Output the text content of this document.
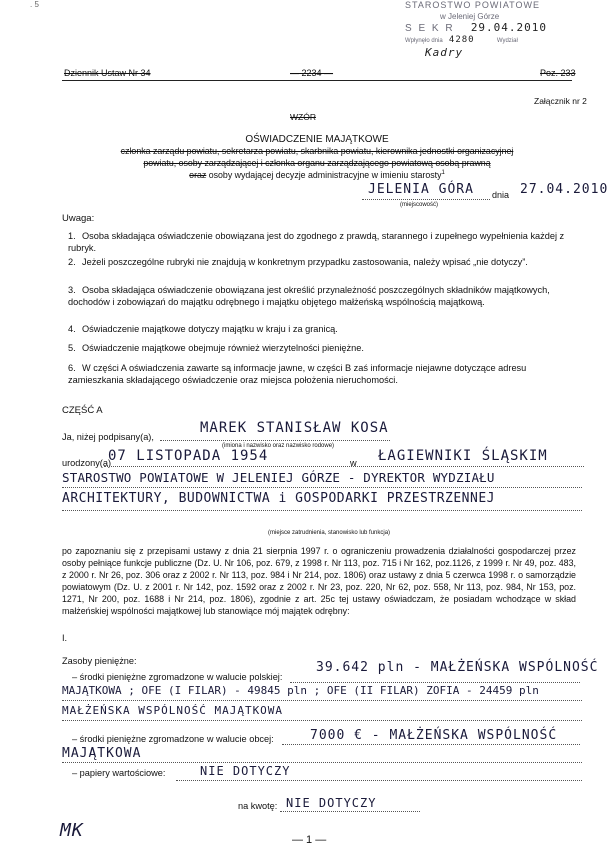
STAROSTWO POWIATOWE
w Jeleniej Górze
S E K R 29.04.2010
Wpłynęło dnia 4280	Wydział
Kadry
. 5
Dziennik Ustaw Nr 34	— 2234 —	Poz. 233
Załącznik nr 2
WZÓR
OŚWIADCZENIE MAJĄTKOWE
członka zarządu powiatu, sekretarza powiatu, skarbnika powiatu, kierownika jednostki organizacyjnej
powiatu, osoby zarządzającej i członka organu zarządzającego powiatową osobą prawną
oraz osoby wydającej decyzje administracyjne w imieniu starosty$^1$
JELENIA GÓRA dnia 27.04.2010
(miejscowość)
Uwaga:
1. Osoba składająca oświadczenie obowiązana jest do zgodnego z prawdą, starannego i zupełnego wypełnienia każdej z rubryk.
2. Jeżeli poszczególne rubryki nie znajdują w konkretnym przypadku zastosowania, należy wpisać „nie dotyczy”.
3. Osoba składająca oświadczenie obowiązana jest określić przynależność poszczególnych składników majątkowych, dochodów i zobowiązań do majątku odrębnego i majątku objętego małżeńską wspólnością majątkową.
4. Oświadczenie majątkowe dotyczy majątku w kraju i za granicą.
5. Oświadczenie majątkowe obejmuje również wierzytelności pieniężne.
6. W części A oświadczenia zawarte są informacje jawne, w części B zaś informacje niejawne dotyczące adresu zamieszkania składającego oświadczenie oraz miejsca położenia nieruchomości.
CZĘŚĆ A
Ja, niżej podpisany(a),
MAREK STANISŁAW KOSA
(imiona i nazwisko oraz nazwisko rodowe)
urodzony(a)
07 LISTOPADA 1954	w ŁAGIEWNIKI ŚLĄSKIM
STAROSTWO POWIATOWE W JELENIEJ GÓRZE - DYREKTOR WYDZIAŁU
ARCHITEKTURY, BUDOWNICTWA i GOSPODARKI PRZESTRZENNEJ
(miejsce zatrudnienia, stanowisko lub funkcja)
po zapoznaniu się z przepisami ustawy z dnia 21 sierpnia 1997 r. o ograniczeniu prowadzenia działalności gospodarczej przez osoby pełniące funkcje publiczne (Dz. U. Nr 106, poz. 679, z 1998 r. Nr 113, poz. 715 i Nr 162, poz.1126, z 1999 r. Nr 49, poz. 483, z 2000 r. Nr 26, poz. 306 oraz z 2002 r. Nr 113, poz. 984 i Nr 214, poz. 1806) oraz ustawy z dnia 5 czerwca 1998 r. o samorządzie powiatowym (Dz. U. z 2001 r. Nr 142, poz. 1592 oraz z 2002 r. Nr 23, poz. 220, Nr 62, poz. 558, Nr 113, poz. 984, Nr 153, poz. 1271, Nr 200, poz. 1688 i Nr 214, poz. 1806), zgodnie z art. 25c tej ustawy oświadczam, że posiadam wchodzące w skład małżeńskiej wspólności majątkowej lub stanowiące mój majątek odrębny:
I.
Zasoby pieniężne:
– środki pieniężne zgromadzone w walucie polskiej:
39.642 pln - MAŁŻEŃSKA WSPÓLNOŚĆ
MAJĄTKOWA ; OFE (I FILAR) - 49845 pln ; OFE (II FILAR) ZOFIA - 24459 pln
MAŁŻEŃSKA WSPÓLNOŚĆ MAJĄTKOWA
– środki pieniężne zgromadzone w walucie obcej:	7000 € - MAŁŻEŃSKA WSPÓLNOŚĆ
MAJĄTKOWA
– papiery wartościowe:	NIE DOTYCZY
na kwotę: NIE DOTYCZY
MK	— 1 —
